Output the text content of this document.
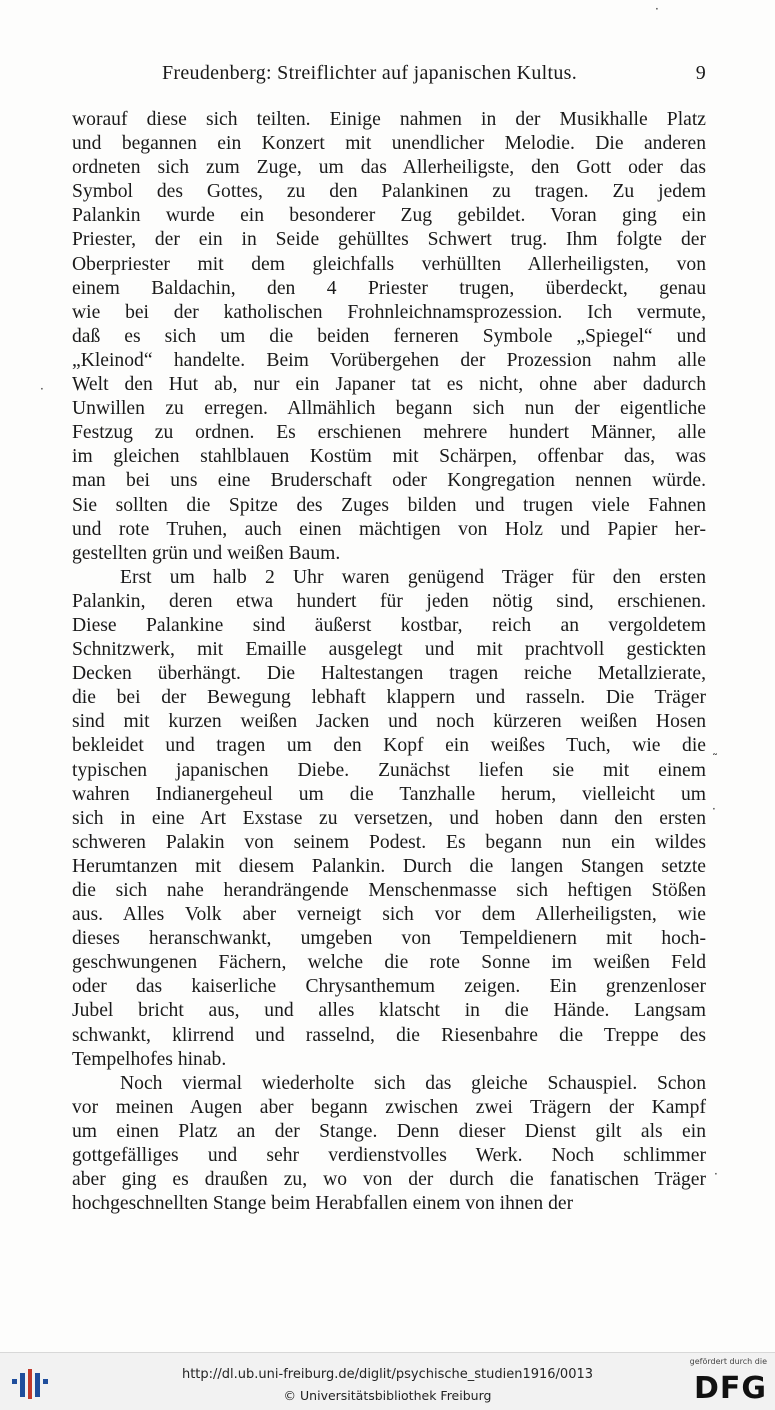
Freudenberg: Streiflichter auf japanischen Kultus.	9
worauf diese sich teilten. Einige nahmen in der Musikhalle Platz
und begannen ein Konzert mit unendlicher Melodie. Die anderen
ordneten sich zum Zuge, um das Allerheiligste, den Gott oder das
Symbol des Gottes, zu den Palankinen zu tragen. Zu jedem
Palankin wurde ein besonderer Zug gebildet. Voran ging ein
Priester, der ein in Seide gehülltes Schwert trug. Ihm folgte der
Oberpriester mit dem gleichfalls verhüllten Allerheiligsten, von
einem Baldachin, den 4 Priester trugen, überdeckt, genau
wie bei der katholischen Frohnleichnamsprozession. Ich vermute,
daß es sich um die beiden ferneren Symbole „Spiegel“ und
„Kleinod“ handelte. Beim Vorübergehen der Prozession nahm alle
Welt den Hut ab, nur ein Japaner tat es nicht, ohne aber dadurch
Unwillen zu erregen. Allmählich begann sich nun der eigentliche
Festzug zu ordnen. Es erschienen mehrere hundert Männer, alle
im gleichen stahlblauen Kostüm mit Schärpen, offenbar das, was
man bei uns eine Bruderschaft oder Kongregation nennen würde.
Sie sollten die Spitze des Zuges bilden und trugen viele Fahnen
und rote Truhen, auch einen mächtigen von Holz und Papier her-
gestellten grün und weißen Baum.
Erst um halb 2 Uhr waren genügend Träger für den ersten
Palankin, deren etwa hundert für jeden nötig sind, erschienen.
Diese Palankine sind äußerst kostbar, reich an vergoldetem
Schnitzwerk, mit Emaille ausgelegt und mit prachtvoll gestickten
Decken überhängt. Die Haltestangen tragen reiche Metallzierate,
die bei der Bewegung lebhaft klappern und rasseln. Die Träger
sind mit kurzen weißen Jacken und noch kürzeren weißen Hosen
bekleidet und tragen um den Kopf ein weißes Tuch, wie die
typischen japanischen Diebe. Zunächst liefen sie mit einem
wahren Indianergeheul um die Tanzhalle herum, vielleicht um
sich in eine Art Exstase zu versetzen, und hoben dann den ersten
schweren Palakin von seinem Podest. Es begann nun ein wildes
Herumtanzen mit diesem Palankin. Durch die langen Stangen setzte
die sich nahe herandrängende Menschenmasse sich heftigen Stößen
aus. Alles Volk aber verneigt sich vor dem Allerheiligsten, wie
dieses heranschwankt, umgeben von Tempeldienern mit hoch-
geschwungenen Fächern, welche die rote Sonne im weißen Feld
oder das kaiserliche Chrysanthemum zeigen. Ein grenzenloser
Jubel bricht aus, und alles klatscht in die Hände. Langsam
schwankt, klirrend und rasselnd, die Riesenbahre die Treppe des
Tempelhofes hinab.
Noch viermal wiederholte sich das gleiche Schauspiel. Schon
vor meinen Augen aber begann zwischen zwei Trägern der Kampf
um einen Platz an der Stange. Denn dieser Dienst gilt als ein
gottgefälliges und sehr verdienstvolles Werk. Noch schlimmer
aber ging es draußen zu, wo von der durch die fanatischen Träger
hochgeschnellten Stange beim Herabfallen einem von ihnen der
·
˜
·
·
·
http://dl.ub.uni-freiburg.de/diglit/psychische_studien1916/0013
© Universitätsbibliothek Freiburg
gefördert durch die
DFG
